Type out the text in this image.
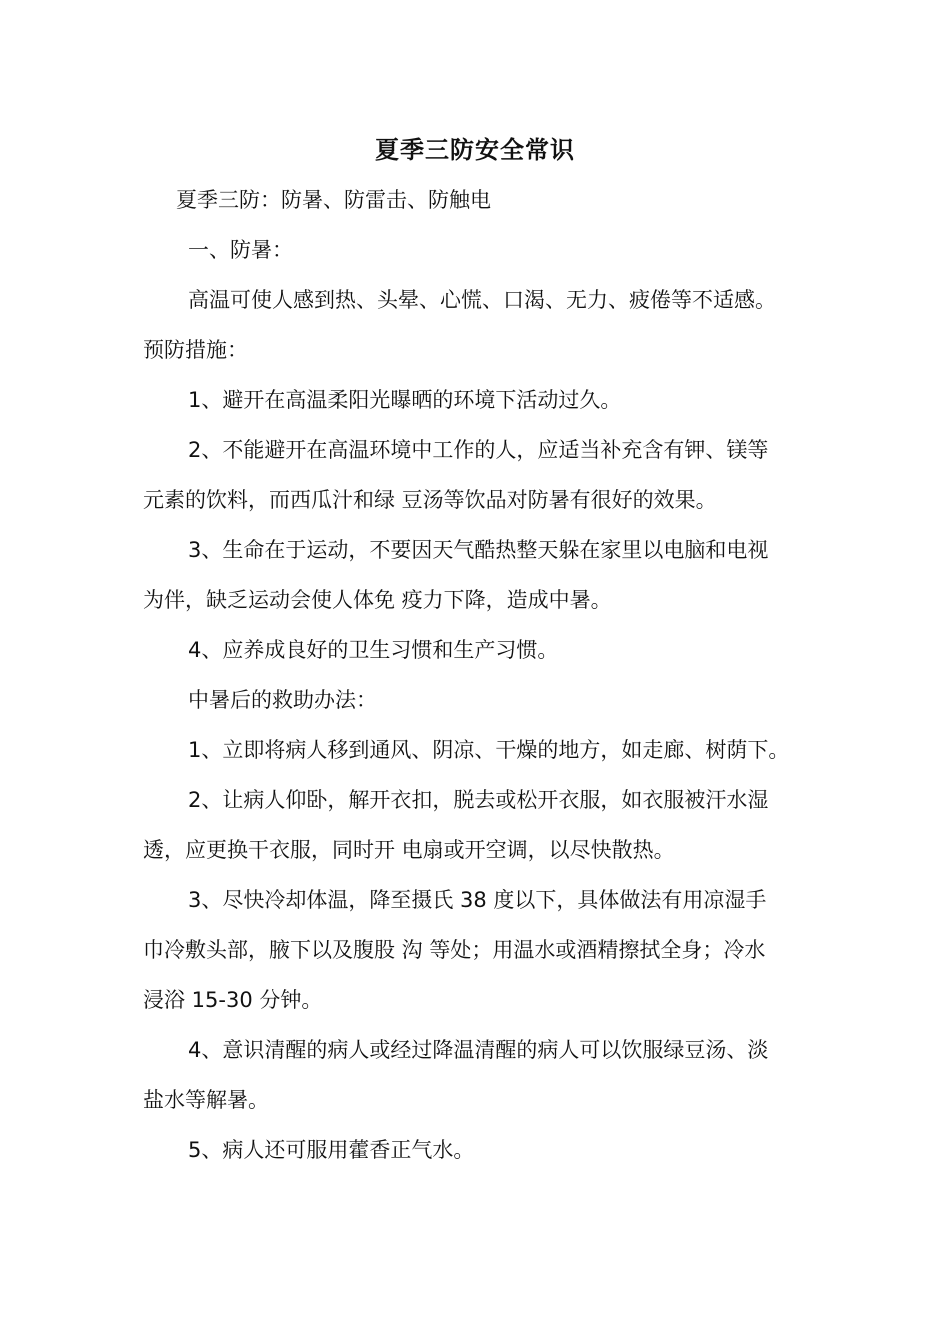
夏季三防安全常识
夏季三防：防暑、防雷击、防触电
一、防暑：
高温可使人感到热、头晕、心慌、口渴、无力、疲倦等不适感。
预防措施：
1、避开在高温柔阳光曝晒的环境下活动过久。
2、不能避开在高温环境中工作的人，应适当补充含有钾、镁等
元素的饮料，而西瓜汁和绿 豆汤等饮品对防暑有很好的效果。
3、生命在于运动，不要因天气酷热整天躲在家里以电脑和电视
为伴，缺乏运动会使人体免 疫力下降，造成中暑。
4、应养成良好的卫生习惯和生产习惯。
中暑后的救助办法：
1、立即将病人移到通风、阴凉、干燥的地方，如走廊、树荫下。
2、让病人仰卧，解开衣扣，脱去或松开衣服，如衣服被汗水湿
透，应更换干衣服，同时开 电扇或开空调，以尽快散热。
3、尽快冷却体温，降至摄氏 38 度以下，具体做法有用凉湿手
巾冷敷头部，腋下以及腹股 沟 等处；用温水或酒精擦拭全身；冷水
浸浴 15-30 分钟。
4、意识清醒的病人或经过降温清醒的病人可以饮服绿豆汤、淡
盐水等解暑。
5、病人还可服用藿香正气水。
